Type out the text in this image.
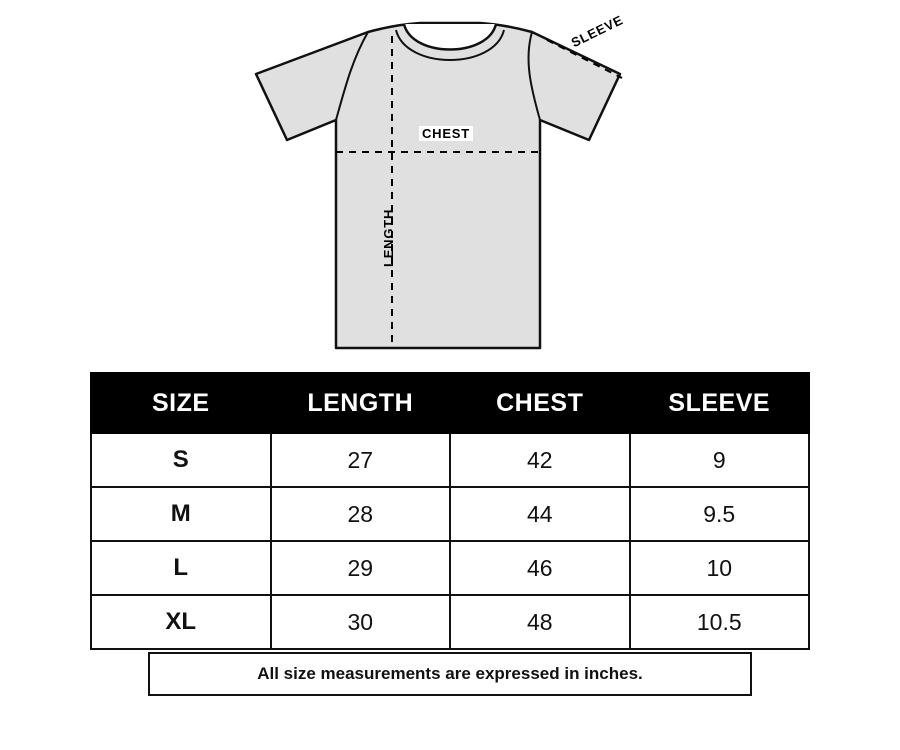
CHEST
LENGTH
SLEEVE
SIZE	LENGTH	CHEST	SLEEVE
S	27	42	9
M	28	44	9.5
L	29	46	10
XL	30	48	10.5
All size measurements are expressed in inches.
